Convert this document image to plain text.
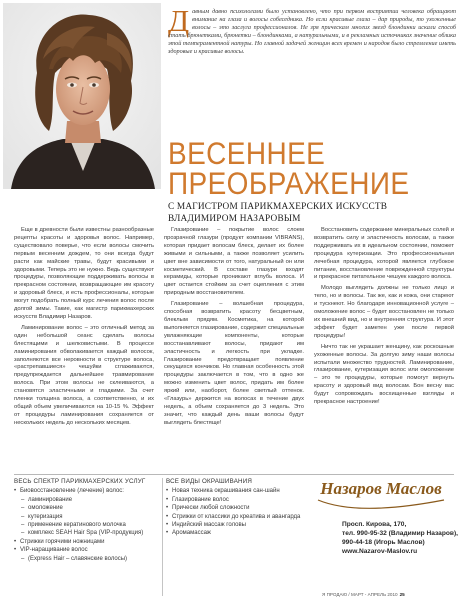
Давным давно психологами было установлено, что при первом восприятии человека обращают внимание на глаза и волосы собеседника. Но если красивые глаза – дар природы, то ухоженные волосы – это заслуга профессионалов. Не зря прическам многих звезд блондинки искали способ стать брюнетками, брюнетки – блондинками, а натуральными, и в рекламных источниках значение облика этой темпераментной натуры. Но главной задачей женщин всех времен и народов было стремление иметь здоровые и красивые волосы.

ВЕСЕННЕЕ
ПРЕОБРАЖЕНИЕ

С МАГИСТРОМ ПАРИКМАХЕРСКИХ ИСКУССТВ ВЛАДИМИРОМ НАЗАРОВЫМ

Еще в древности были известны разнообразные рецепты красоты и здоровья волос. Например, существовало поверье, что если волосы смочить первым весенним дождем, то они всегда будут расти как майские травы, будут красивыми и здоровыми. Теперь это не нужно. Ведь существуют процедуры, позволяющие поддерживать волосы в прекрасном состоянии, возвращающие им красоту и здоровый блеск, и есть профессионалы, которые могут подобрать полный курс лечения волос после долгой зимы. Такие, как магистр парикмахерских искусств Владимир Назаров.

Ламинирование волос – это отличный метод за один небольшой сеанс сделать волосы блестящими и шелковистыми. В процессе ламинирования обволакивается каждый волосок, заполняются все неровности в структуре волоса, «растрепавшиеся» чешуйки сглаживаются, предупреждается дальнейшее травмирование волоса. При этом волосы не склеиваются, а становятся эластичными и гладкими. За счет пленки толщина волоса, а соответственно, и их общий объем увеличиваются на 10-15 %. Эффект от процедуры ламинирования сохраняется от нескольких недель до нескольких месяцев.

Глазирование – покрытие волос слоем прозрачной глазури (продукт компании VIBRANS), которая придает волосам блеск, делает их более живыми и сильными, а также позволяет усилить цвет вне зависимости от того, натуральный он или косметический. В составе глазури входят керамиды, которые проникают вглубь волоса. И цвет остается стойким за счет оцепления с этим природным восстановителем.

Глазирование – волшебная процедура, способная возвратить красоту бесцветным, блеклым прядям. Косметика, на которой выполняется глазирование, содержит специальные увлажняющие компоненты, которые восстанавливают волосы, придают им эластичность и легкость при укладке. Глазирование предотвращает появление секущихся кончиков. Но главная особенность этой процедуры заключается в том, что в одно же можно изменить цвет волос, придать им более яркий или, наоборот, более светлый оттенок. «Глазурь» держится на волосах в течение двух недель, а объем сохраняется до 3 недель. Это значит, что каждый день ваши волосы будут выглядеть блестяще!

Восстановить содержание минеральных солей и возвратить силу и эластичность волосам, а также поддерживать их в идеальном состоянии, поможет процедура кутеризации. Это профессиональная лечебная процедура, которой является глубокое питание, восстановление поврежденной структуры и прекрасное питательное чешуек каждого волоса.

Молодо выглядеть должны не только лицо и тело, но и волосы. Так же, как и кожа, они стареют и тускнеют. Но благодаря инновационной услуге – омоложение волос – будет восстановлен не только их внешний вид, но и внутренняя структура. И этот эффект будет заметен уже после первой процедуры!

Ничто так не украшает женщину, как роскошные ухоженные волосы. За долгую зиму наши волосы испытали множество трудностей. Ламинирование, глазирование, кутеризация волос или омоложение – это те процедуры, которые помогут вернуть красоту и здоровый вид волосам. Бон весну вас будут сопровождать восхищенные взгляды и прекрасное настроение!

ВЕСЬ СПЕКТР ПАРИКМАХЕРСКИХ УСЛУГ
• Биовосстановление (лечение) волос:
– ламинирование
– омоложение
– кутеризация
– применение кератинового молочка
– комплекс SEAH Hair Spa (VIP-продукция)
• Стрижки горячими ножницами
• VIP-наращивание волос
– (Express Hair – славянские волосы)
ВСЕ ВИДЫ ОКРАШИВАНИЯ
• Новая техника окрашивания сан-шайн
• Глазирование волос
• Прически любой сложности
• Стрижки от классики до креатива и авангарда
• Индийский массаж головы
• Аромамассаж
Назаров Маслов
Просп. Кирова, 170,
тел. 990-95-32 (Владимир Назаров),
990-44-18 (Игорь Маслов)
www.Nazarov-Maslov.ru
Я ПРОДАЮ / МАРТ - АПРЕЛЬ 2010 25
